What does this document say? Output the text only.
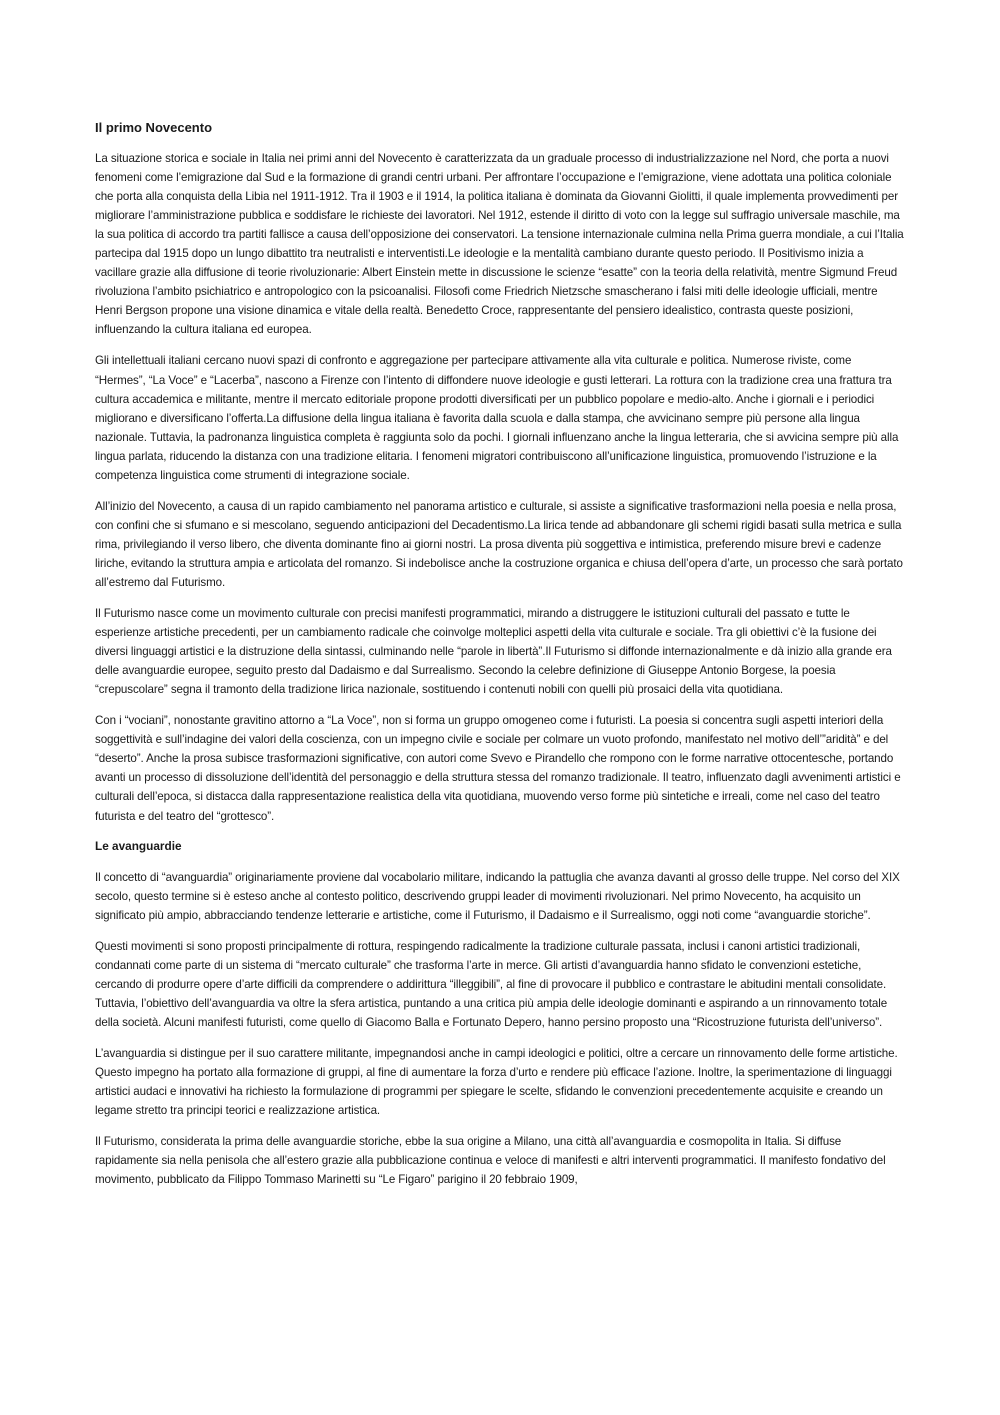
Il primo Novecento

La situazione storica e sociale in Italia nei primi anni del Novecento è caratterizzata da un graduale processo di industrializzazione nel Nord, che porta a nuovi fenomeni come l’emigrazione dal Sud e la formazione di grandi centri urbani. Per affrontare l’occupazione e l’emigrazione, viene adottata una politica coloniale che porta alla conquista della Libia nel 1911-1912. Tra il 1903 e il 1914, la politica italiana è dominata da Giovanni Giolitti, il quale implementa provvedimenti per migliorare l’amministrazione pubblica e soddisfare le richieste dei lavoratori. Nel 1912, estende il diritto di voto con la legge sul suffragio universale maschile, ma la sua politica di accordo tra partiti fallisce a causa dell’opposizione dei conservatori. La tensione internazionale culmina nella Prima guerra mondiale, a cui l’Italia partecipa dal 1915 dopo un lungo dibattito tra neutralisti e interventisti.Le ideologie e la mentalità cambiano durante questo periodo. Il Positivismo inizia a vacillare grazie alla diffusione di teorie rivoluzionarie: Albert Einstein mette in discussione le scienze “esatte” con la teoria della relatività, mentre Sigmund Freud rivoluziona l’ambito psichiatrico e antropologico con la psicoanalisi. Filosofi come Friedrich Nietzsche smascherano i falsi miti delle ideologie ufficiali, mentre Henri Bergson propone una visione dinamica e vitale della realtà. Benedetto Croce, rappresentante del pensiero idealistico, contrasta queste posizioni, influenzando la cultura italiana ed europea.

Gli intellettuali italiani cercano nuovi spazi di confronto e aggregazione per partecipare attivamente alla vita culturale e politica. Numerose riviste, come “Hermes”, “La Voce” e “Lacerba”, nascono a Firenze con l’intento di diffondere nuove ideologie e gusti letterari. La rottura con la tradizione crea una frattura tra cultura accademica e militante, mentre il mercato editoriale propone prodotti diversificati per un pubblico popolare e medio-alto. Anche i giornali e i periodici migliorano e diversificano l’offerta.La diffusione della lingua italiana è favorita dalla scuola e dalla stampa, che avvicinano sempre più persone alla lingua nazionale. Tuttavia, la padronanza linguistica completa è raggiunta solo da pochi. I giornali influenzano anche la lingua letteraria, che si avvicina sempre più alla lingua parlata, riducendo la distanza con una tradizione elitaria. I fenomeni migratori contribuiscono all’unificazione linguistica, promuovendo l’istruzione e la competenza linguistica come strumenti di integrazione sociale.

All’inizio del Novecento, a causa di un rapido cambiamento nel panorama artistico e culturale, si assiste a significative trasformazioni nella poesia e nella prosa, con confini che si sfumano e si mescolano, seguendo anticipazioni del Decadentismo.La lirica tende ad abbandonare gli schemi rigidi basati sulla metrica e sulla rima, privilegiando il verso libero, che diventa dominante fino ai giorni nostri. La prosa diventa più soggettiva e intimistica, preferendo misure brevi e cadenze liriche, evitando la struttura ampia e articolata del romanzo. Si indebolisce anche la costruzione organica e chiusa dell’opera d’arte, un processo che sarà portato all’estremo dal Futurismo.

Il Futurismo nasce come un movimento culturale con precisi manifesti programmatici, mirando a distruggere le istituzioni culturali del passato e tutte le esperienze artistiche precedenti, per un cambiamento radicale che coinvolge molteplici aspetti della vita culturale e sociale. Tra gli obiettivi c’è la fusione dei diversi linguaggi artistici e la distruzione della sintassi, culminando nelle “parole in libertà”.Il Futurismo si diffonde internazionalmente e dà inizio alla grande era delle avanguardie europee, seguito presto dal Dadaismo e dal Surrealismo. Secondo la celebre definizione di Giuseppe Antonio Borgese, la poesia “crepuscolare” segna il tramonto della tradizione lirica nazionale, sostituendo i contenuti nobili con quelli più prosaici della vita quotidiana.

Con i “vociani”, nonostante gravitino attorno a “La Voce”, non si forma un gruppo omogeneo come i futuristi. La poesia si concentra sugli aspetti interiori della soggettività e sull’indagine dei valori della coscienza, con un impegno civile e sociale per colmare un vuoto profondo, manifestato nel motivo dell’”aridità” e del “deserto”. Anche la prosa subisce trasformazioni significative, con autori come Svevo e Pirandello che rompono con le forme narrative ottocentesche, portando avanti un processo di dissoluzione dell’identità del personaggio e della struttura stessa del romanzo tradizionale. Il teatro, influenzato dagli avvenimenti artistici e culturali dell’epoca, si distacca dalla rappresentazione realistica della vita quotidiana, muovendo verso forme più sintetiche e irreali, come nel caso del teatro futurista e del teatro del “grottesco”.

Le avanguardie

Il concetto di “avanguardia” originariamente proviene dal vocabolario militare, indicando la pattuglia che avanza davanti al grosso delle truppe. Nel corso del XIX secolo, questo termine si è esteso anche al contesto politico, descrivendo gruppi leader di movimenti rivoluzionari. Nel primo Novecento, ha acquisito un significato più ampio, abbracciando tendenze letterarie e artistiche, come il Futurismo, il Dadaismo e il Surrealismo, oggi noti come “avanguardie storiche”.

Questi movimenti si sono proposti principalmente di rottura, respingendo radicalmente la tradizione culturale passata, inclusi i canoni artistici tradizionali, condannati come parte di un sistema di “mercato culturale” che trasforma l’arte in merce. Gli artisti d’avanguardia hanno sfidato le convenzioni estetiche, cercando di produrre opere d’arte difficili da comprendere o addirittura “illeggibili”, al fine di provocare il pubblico e contrastare le abitudini mentali consolidate. Tuttavia, l’obiettivo dell’avanguardia va oltre la sfera artistica, puntando a una critica più ampia delle ideologie dominanti e aspirando a un rinnovamento totale della società. Alcuni manifesti futuristi, come quello di Giacomo Balla e Fortunato Depero, hanno persino proposto una “Ricostruzione futurista dell’universo”.

L’avanguardia si distingue per il suo carattere militante, impegnandosi anche in campi ideologici e politici, oltre a cercare un rinnovamento delle forme artistiche. Questo impegno ha portato alla formazione di gruppi, al fine di aumentare la forza d’urto e rendere più efficace l’azione. Inoltre, la sperimentazione di linguaggi artistici audaci e innovativi ha richiesto la formulazione di programmi per spiegare le scelte, sfidando le convenzioni precedentemente acquisite e creando un legame stretto tra principi teorici e realizzazione artistica.

Il Futurismo, considerata la prima delle avanguardie storiche, ebbe la sua origine a Milano, una città all’avanguardia e cosmopolita in Italia. Si diffuse rapidamente sia nella penisola che all’estero grazie alla pubblicazione continua e veloce di manifesti e altri interventi programmatici. Il manifesto fondativo del movimento, pubblicato da Filippo Tommaso Marinetti su “Le Figaro” parigino il 20 febbraio 1909,
